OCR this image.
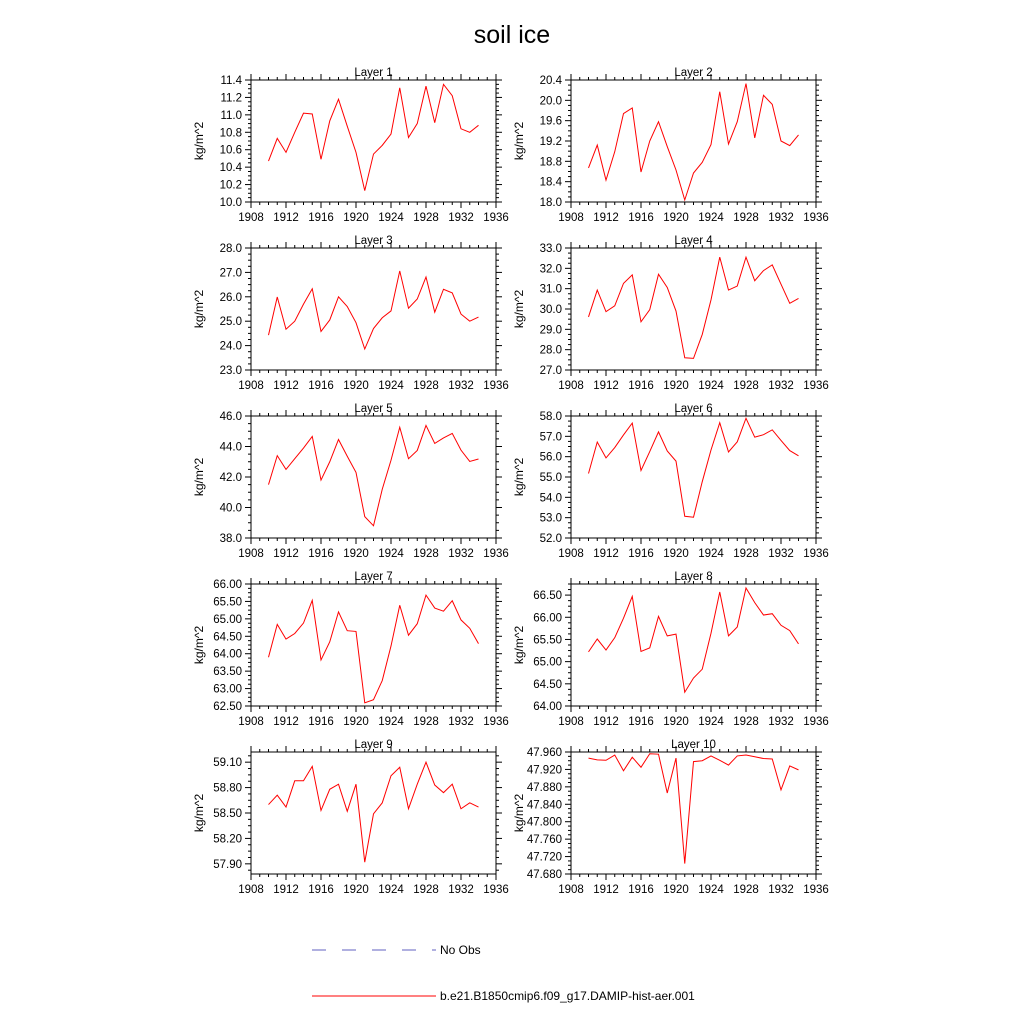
soil ice
Layer 1
1908 1912 1916 1920 1924 1928 1932 1936
10.0
10.2
10.4
10.6
10.8
11.0
11.2
11.4
kg/m^2
Layer 2
1908 1912 1916 1920 1924 1928 1932 1936
18.0
18.4
18.8
19.2
19.6
20.0
20.4
kg/m^2
Layer 3
1908 1912 1916 1920 1924 1928 1932 1936
23.0
24.0
25.0
26.0
27.0
28.0
kg/m^2
Layer 4
1908 1912 1916 1920 1924 1928 1932 1936
27.0
28.0
29.0
30.0
31.0
32.0
33.0
kg/m^2
Layer 5
1908 1912 1916 1920 1924 1928 1932 1936
38.0
40.0
42.0
44.0
46.0
kg/m^2
Layer 6
1908 1912 1916 1920 1924 1928 1932 1936
52.0
53.0
54.0
55.0
56.0
57.0
58.0
kg/m^2
Layer 7
1908 1912 1916 1920 1924 1928 1932 1936
62.50
63.00
63.50
64.00
64.50
65.00
65.50
66.00
kg/m^2
Layer 8
1908 1912 1916 1920 1924 1928 1932 1936
64.00
64.50
65.00
65.50
66.00
66.50
kg/m^2
Layer 9
1908 1912 1916 1920 1924 1928 1932 1936
57.90
58.20
58.50
58.80
59.10
kg/m^2
Layer 10
1908 1912 1916 1920 1924 1928 1932 1936
47.680
47.720
47.760
47.800
47.840
47.880
47.920
47.960
kg/m^2
No Obs
b.e21.B1850cmip6.f09_g17.DAMIP-hist-aer.001
